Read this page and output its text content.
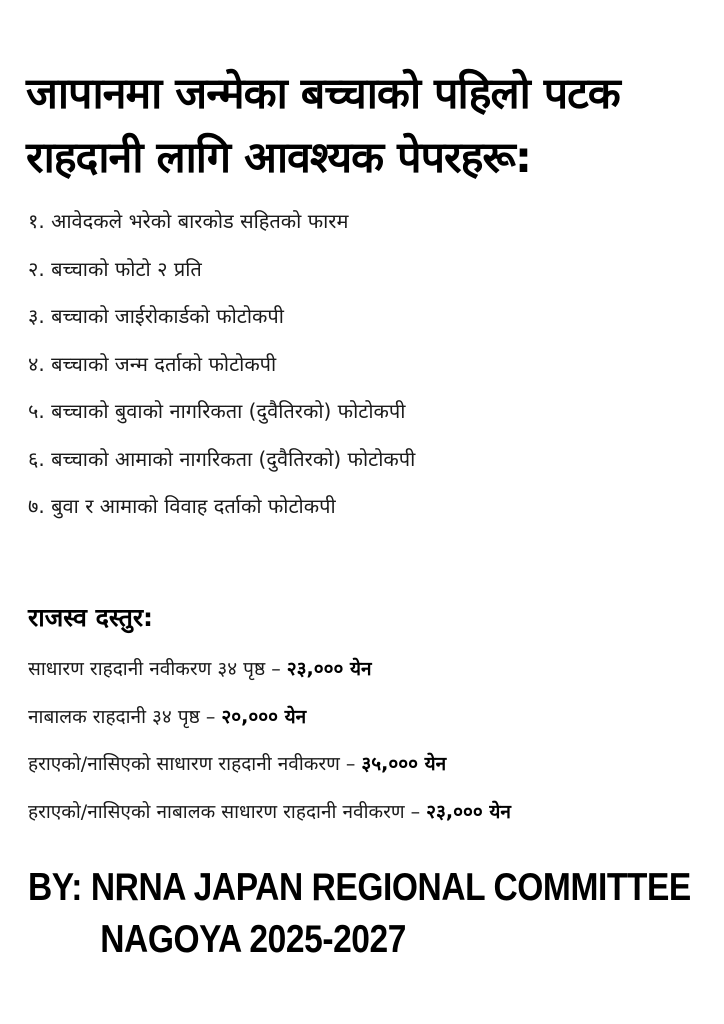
जापानमा जन्मेका बच्चाको पहिलो पटक
राहदानी लागि आवश्यक पेपरहरू:
१. आवेदकले भरेको बारकोड सहितको फारम
२. बच्चाको फोटो २ प्रति
३. बच्चाको जाईरोकार्डको फोटोकपी
४. बच्चाको जन्म दर्ताको फोटोकपी
५. बच्चाको बुवाको नागरिकता (दुवैतिरको) फोटोकपी
६. बच्चाको आमाको नागरिकता (दुवैतिरको) फोटोकपी
७. बुवा र आमाको विवाह दर्ताको फोटोकपी
राजस्व दस्तुर:
साधारण राहदानी नवीकरण ३४ पृष्ठ – २३,००० येन
नाबालक राहदानी ३४ पृष्ठ – २०,००० येन
हराएको/नासिएको साधारण राहदानी नवीकरण – ३५,००० येन
हराएको/नासिएको नाबालक साधारण राहदानी नवीकरण – २३,००० येन
BY: NRNA JAPAN REGIONAL COMMITTEE
NAGOYA 2025-2027
